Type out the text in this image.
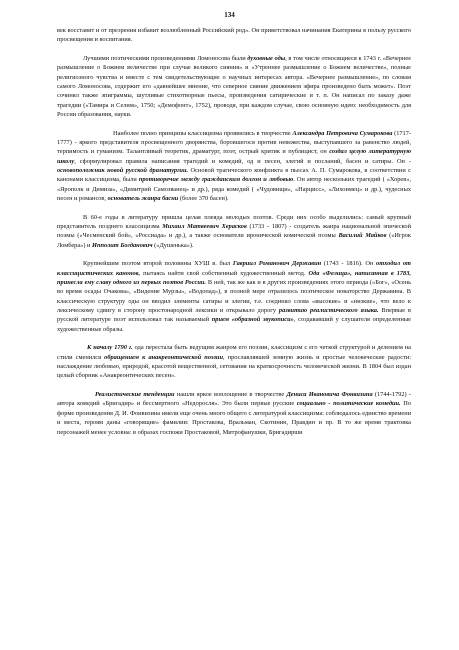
134

век восставит и от презрения избавит возлюбленный Российский род». Он приветствовал начинания Екатерины в пользу русского просвещения и воспитания.

Лучшими поэтическими произведениями Ломоносова были духовные оды, в том числе относящиеся к 1743 г. «Вечернее размышление о Божием величестве при случае великого сияния» и «Утреннее размышление о Божием величестве», полные религиозного чувства и вместе с тем свидетельствующие о научных интересах автора. «Вечернее размышление», по словам самого Ломоносова, содержит его «давнейшее мнение, что северное сияние движением эфира произведено быть может». Поэт сочинял также эпиграммы, шутливые стихотворные пьесы, произведения сатирические и т. п. Он написал по заказу даже трагедии («Тамира и Селим», 1750; «Демофонт», 1752), проводя, при каждом случае, свою основную идею: необходимость для России образования, науки.

Наиболее полно принципы классицизма проявились в творчестве Александра Петровича Сумарокова (1717-1777) - яркого представителя просвещенного дворянства, боровшегося против невежества, выступавшего за равенство людей, терпимость и гуманизм. Талантливый теоретик, драматург, поэт, острый критик и публицист, он создал целую литературную школу, сформулировал правила написания трагедий и комедий, од и песен, элегий и посланий, басен и сатиры. Он - основоположник новой русской драматургии. Основой трагического конфликта в пьесах А. П. Сумарокова, в соответствии с канонами классицизма, были противоречие между гражданским долгом и любовью. Он автор нескольких трагедий ( «Хорев», «Ярополк и Димиза», «Димитрий Самозванец» и др.), ряда комедий ( «Чудовищи», «Нарцисс», «Лихоимец» и др.), чудесных песен и романсов, основатель жанра басни (более 370 басен).

В 60-е годы в литературу пришла целая плеяда молодых поэтов. Среди них особо выделились: самый крупный представитель позднего классицизма Михаил Матвеевич Херасков (1733 - 1807) - создатель жанра национальной эпической поэмы («Чесменский бой», «Россиада» и др.), а также основатели иронической комической поэмы Василий Майков («Игрок Ломбера») и Ипполит Богданович («Душенька»).

Крупнейшим поэтом второй половины ХУШ в. был Гавриил Романович Державин (1743 - 1816). Он отходил от классицистических канонов, пытаясь найти свой собственный художественный метод. Ода «Фелица», написанная в 1783, принесла ему славу одного из первых поэтов России. В ней, так же как и в других произведениях этого периода («Бог», «Осень во время осады Очакова», «Видение Мурзы», «Водопад»), в полной мере отразилось поэтическое новаторство Державина. В классическую структуру оды он вводил элементы сатиры и элегии, т.е. соединял слова «высокие» и «низкие», что вело к лексическому сдвигу в сторону простонародной лексики и открывало дорогу развитию реалистического языка. Впервые в русской литературе поэт использовал так называемый прием «образной звукописи», создававший у слушателя определенные художественные образы.

К началу 1790 г. ода перестала быть ведущим жанром его поэзии, классицизм с его четкой структурой и делением на стили сменился обращением к анакреонтической поэзии, прославлявшей земную жизнь и простые человеческие радости: наслаждение любовью, природой, красотой вещественной, сетования на краткосрочность человеческой жизни. В 1804 был издан целый сборник «Анакреонтических песен».

Реалистические тенденции нашли яркое воплощение в творчестве Дениса Ивановича Фонвизина (1744-1792) - автора комедий «Бригадир» и бессмертного «Недоросля». Это были первые русские социально - политические комедии. По форме произведения Д. И. Фонвизина имели еще очень много общего с литературой классицизма: соблюдалось единство времени и места, героям даны «говорящие» фамилии: Простакова, Вральман, Скотинин, Правдин и пр. В то же время трактовка персонажей менее условна: в образах госпожи Простаковой, Митрофанушки, Бригадирши
